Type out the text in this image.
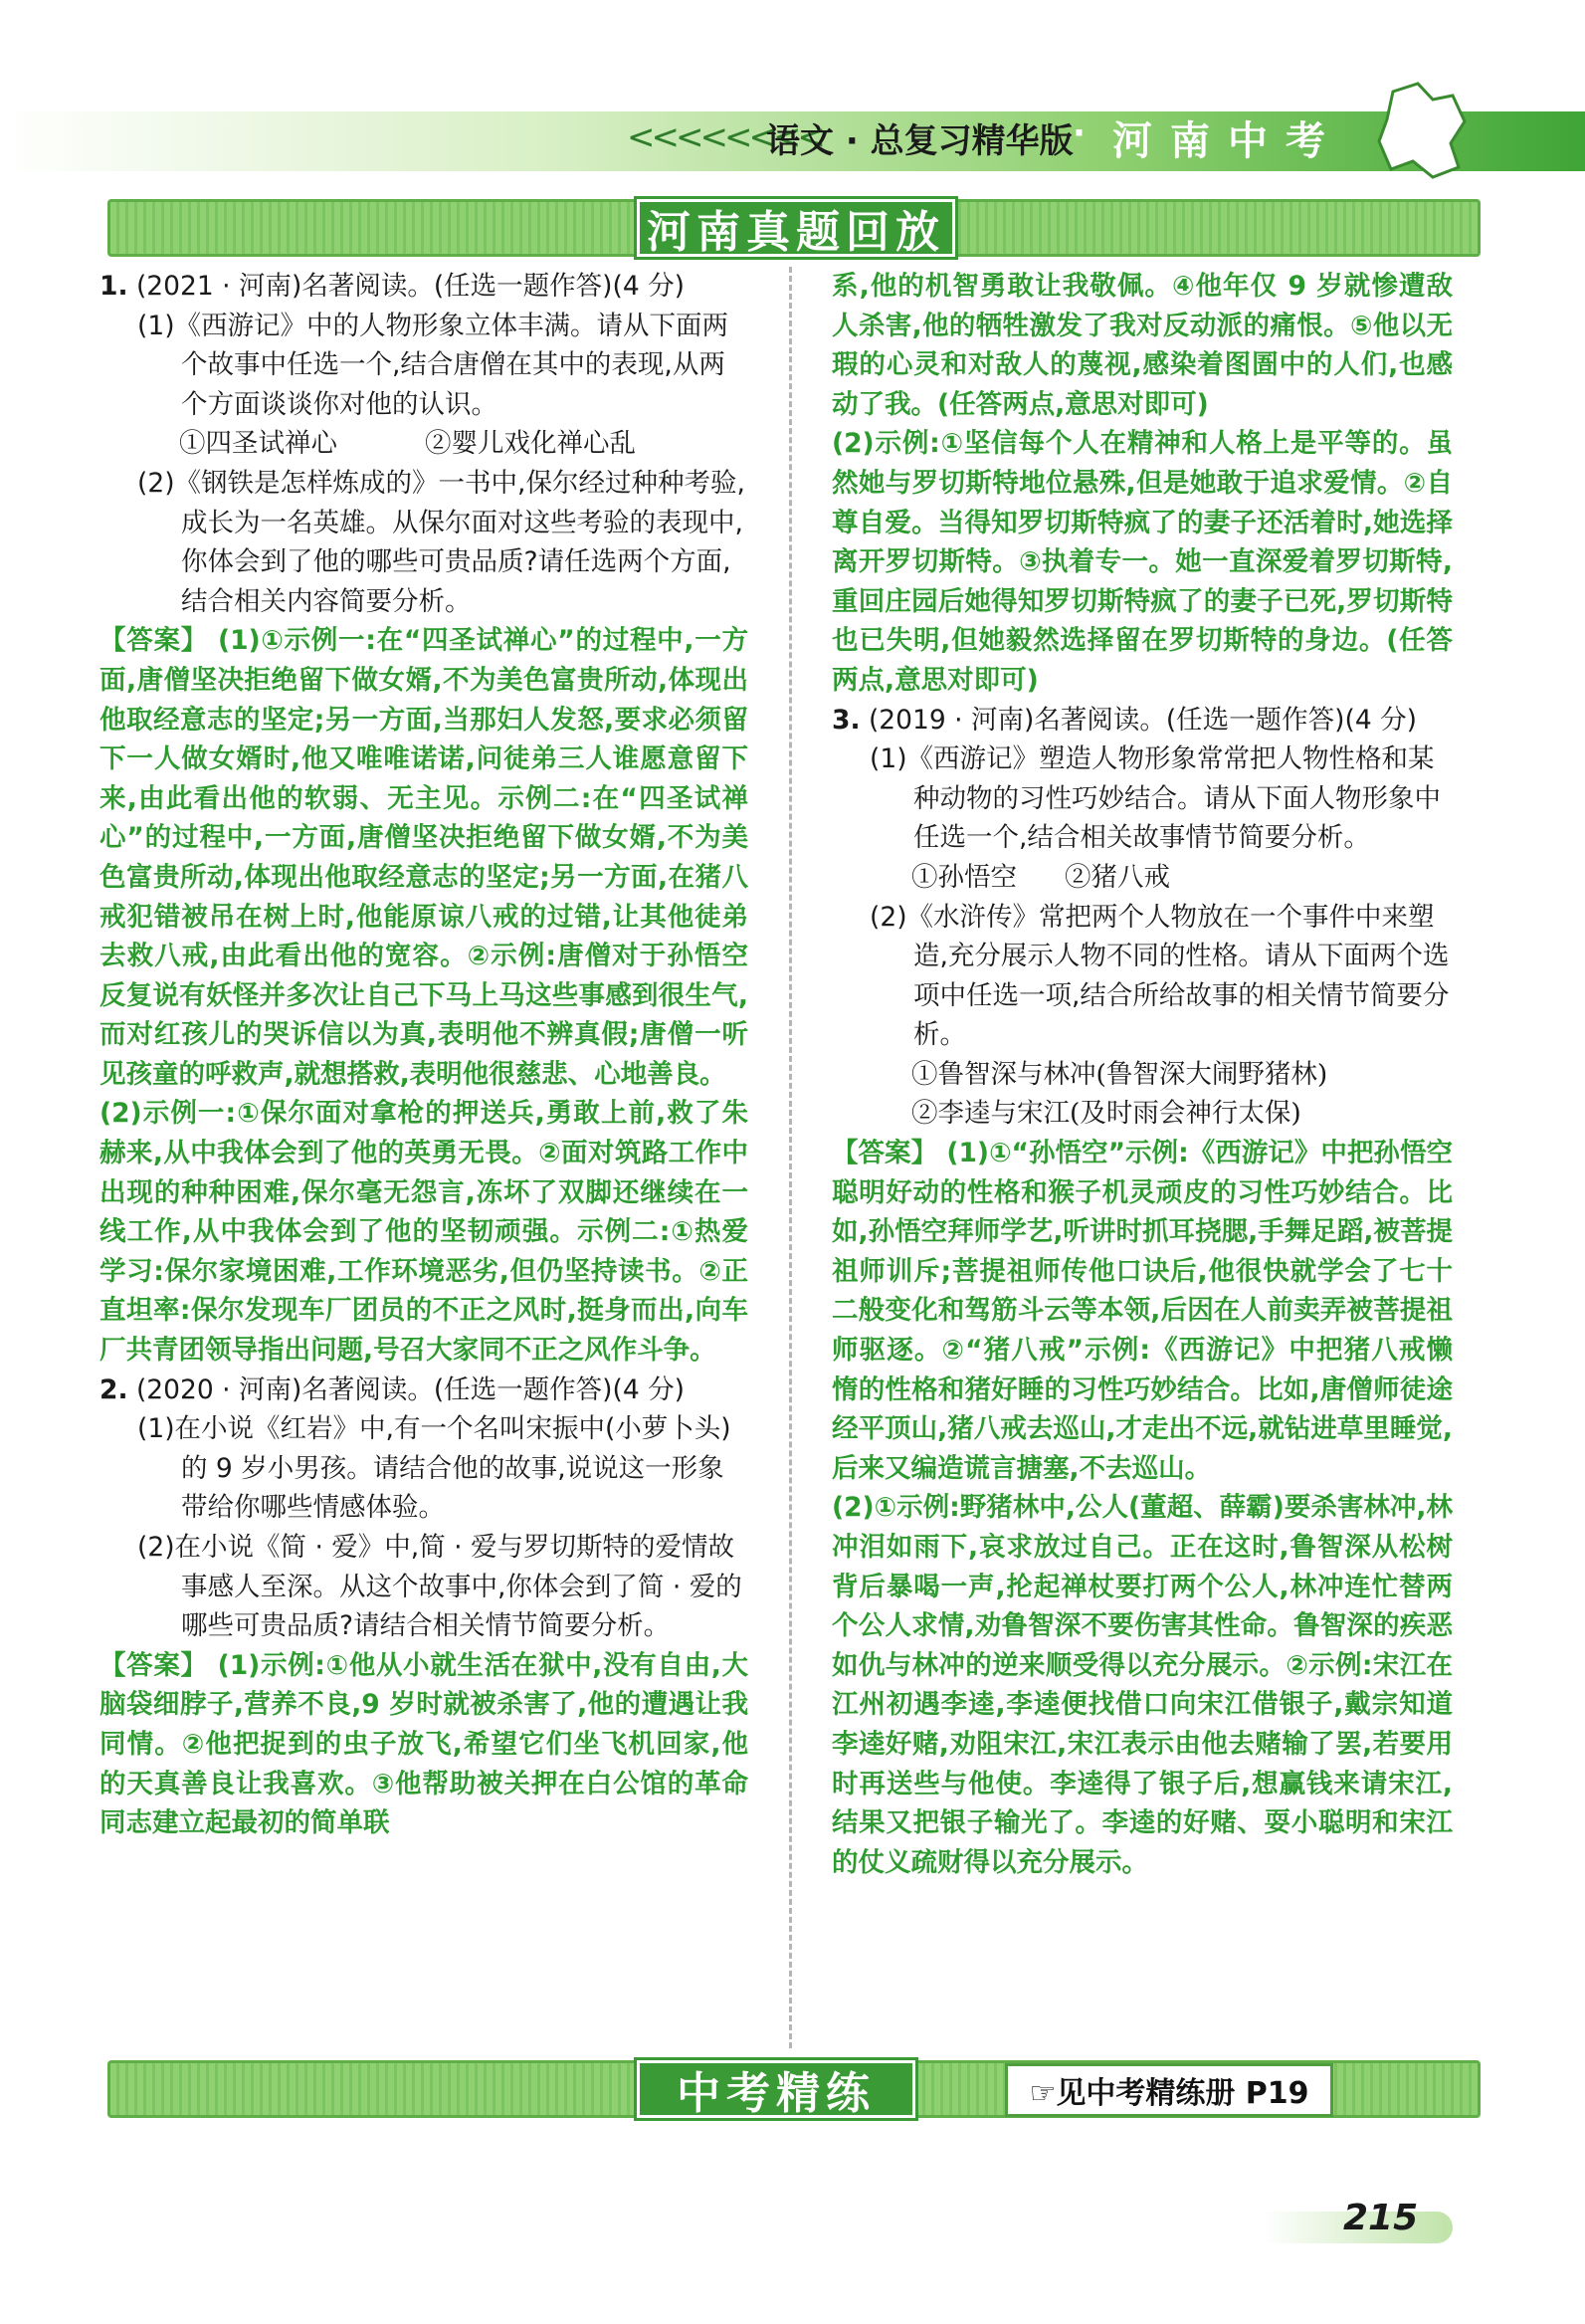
<<<<<<<<
语文 · 总复习精华版 · 河南中考
河南真题回放
1. (2021 · 河南)名著阅读。(任选一题作答)(4 分)
(1)《西游记》中的人物形象立体丰满。请从下面两个故事中任选一个,结合唐僧在其中的表现,从两个方面谈谈你对他的认识。
①四圣试禅心	②婴儿戏化禅心乱
(2)《钢铁是怎样炼成的》一书中,保尔经过种种考验,成长为一名英雄。从保尔面对这些考验的表现中,你体会到了他的哪些可贵品质?请任选两个方面,结合相关内容简要分析。
【答案】 (1)①示例一:在“四圣试禅心”的过程中,一方面,唐僧坚决拒绝留下做女婿,不为美色富贵所动,体现出他取经意志的坚定;另一方面,当那妇人发怒,要求必须留下一人做女婿时,他又唯唯诺诺,问徒弟三人谁愿意留下来,由此看出他的软弱、无主见。示例二:在“四圣试禅心”的过程中,一方面,唐僧坚决拒绝留下做女婿,不为美色富贵所动,体现出他取经意志的坚定;另一方面,在猪八戒犯错被吊在树上时,他能原谅八戒的过错,让其他徒弟去救八戒,由此看出他的宽容。②示例:唐僧对于孙悟空反复说有妖怪并多次让自己下马上马这些事感到很生气,而对红孩儿的哭诉信以为真,表明他不辨真假;唐僧一听见孩童的呼救声,就想搭救,表明他很慈悲、心地善良。
(2)示例一:①保尔面对拿枪的押送兵,勇敢上前,救了朱赫来,从中我体会到了他的英勇无畏。②面对筑路工作中出现的种种困难,保尔毫无怨言,冻坏了双脚还继续在一线工作,从中我体会到了他的坚韧顽强。示例二:①热爱学习:保尔家境困难,工作环境恶劣,但仍坚持读书。②正直坦率:保尔发现车厂团员的不正之风时,挺身而出,向车厂共青团领导指出问题,号召大家同不正之风作斗争。
2. (2020 · 河南)名著阅读。(任选一题作答)(4 分)
(1)在小说《红岩》中,有一个名叫宋振中(小萝卜头)的 9 岁小男孩。请结合他的故事,说说这一形象带给你哪些情感体验。
(2)在小说《简 · 爱》中,简 · 爱与罗切斯特的爱情故事感人至深。从这个故事中,你体会到了简 · 爱的哪些可贵品质?请结合相关情节简要分析。
【答案】 (1)示例:①他从小就生活在狱中,没有自由,大脑袋细脖子,营养不良,9 岁时就被杀害了,他的遭遇让我同情。②他把捉到的虫子放飞,希望它们坐飞机回家,他的天真善良让我喜欢。③他帮助被关押在白公馆的革命同志建立起最初的简单联
系,他的机智勇敢让我敬佩。④他年仅 9 岁就惨遭敌人杀害,他的牺牲激发了我对反动派的痛恨。⑤他以无瑕的心灵和对敌人的蔑视,感染着图圄中的人们,也感动了我。(任答两点,意思对即可)
(2)示例:①坚信每个人在精神和人格上是平等的。虽然她与罗切斯特地位悬殊,但是她敢于追求爱情。②自尊自爱。当得知罗切斯特疯了的妻子还活着时,她选择离开罗切斯特。③执着专一。她一直深爱着罗切斯特,重回庄园后她得知罗切斯特疯了的妻子已死,罗切斯特也已失明,但她毅然选择留在罗切斯特的身边。(任答两点,意思对即可)
3. (2019 · 河南)名著阅读。(任选一题作答)(4 分)
(1)《西游记》塑造人物形象常常把人物性格和某种动物的习性巧妙结合。请从下面人物形象中任选一个,结合相关故事情节简要分析。
①孙悟空 ②猪八戒
(2)《水浒传》常把两个人物放在一个事件中来塑造,充分展示人物不同的性格。请从下面两个选项中任选一项,结合所给故事的相关情节简要分析。
①鲁智深与林冲(鲁智深大闹野猪林)
②李逵与宋江(及时雨会神行太保)
【答案】 (1)①“孙悟空”示例:《西游记》中把孙悟空聪明好动的性格和猴子机灵顽皮的习性巧妙结合。比如,孙悟空拜师学艺,听讲时抓耳挠腮,手舞足蹈,被菩提祖师训斥;菩提祖师传他口诀后,他很快就学会了七十二般变化和驾筋斗云等本领,后因在人前卖弄被菩提祖师驱逐。②“猪八戒”示例:《西游记》中把猪八戒懒惰的性格和猪好睡的习性巧妙结合。比如,唐僧师徒途经平顶山,猪八戒去巡山,才走出不远,就钻进草里睡觉,后来又编造谎言搪塞,不去巡山。
(2)①示例:野猪林中,公人(董超、薛霸)要杀害林冲,林冲泪如雨下,哀求放过自己。正在这时,鲁智深从松树背后暴喝一声,抡起禅杖要打两个公人,林冲连忙替两个公人求情,劝鲁智深不要伤害其性命。鲁智深的疾恶如仇与林冲的逆来顺受得以充分展示。②示例:宋江在江州初遇李逵,李逵便找借口向宋江借银子,戴宗知道李逵好赌,劝阻宋江,宋江表示由他去赌输了罢,若要用时再送些与他使。李逵得了银子后,想赢钱来请宋江,结果又把银子输光了。李逵的好赌、耍小聪明和宋江的仗义疏财得以充分展示。
中考精练	☞见中考精练册 P19
215
